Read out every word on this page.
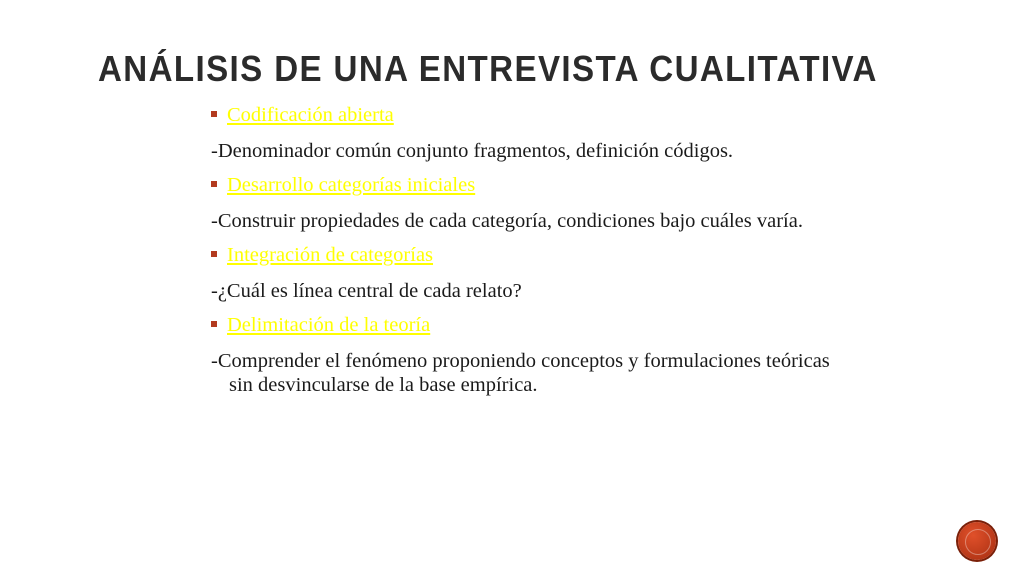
ANÁLISIS DE UNA ENTREVISTA CUALITATIVA
Codificación abierta

-Denominador común conjunto fragmentos, definición códigos.

Desarrollo categorías iniciales

-Construir propiedades de cada categoría, condiciones bajo cuáles varía.

Integración de categorías

-¿Cuál es línea central de cada relato?

Delimitación de la teoría

-Comprender el fenómeno proponiendo conceptos y formulaciones teóricas sin desvincularse de la base empírica.
